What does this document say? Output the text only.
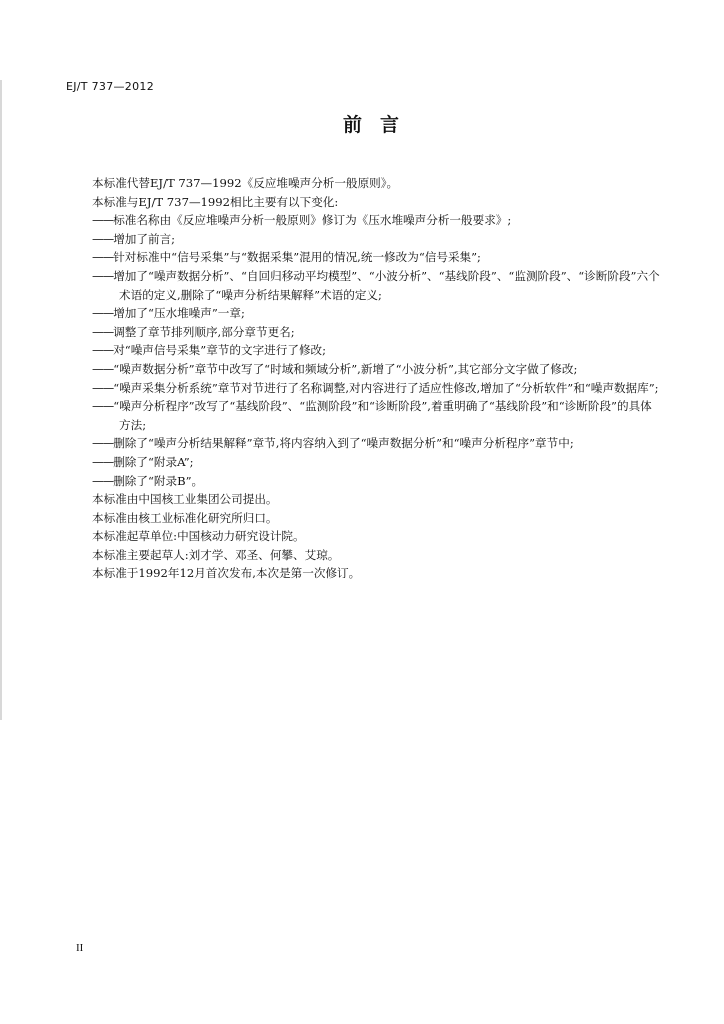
EJ/T 737—2012
前言
本标准代替EJ/T 737—1992《反应堆噪声分析一般原则》。
本标准与EJ/T 737—1992相比主要有以下变化:
——标准名称由《反应堆噪声分析一般原则》修订为《压水堆噪声分析一般要求》;
——增加了前言;
——针对标准中“信号采集”与“数据采集”混用的情况,统一修改为“信号采集”;
——增加了“噪声数据分析”、“自回归移动平均模型”、“小波分析”、“基线阶段”、“监测阶段”、“诊断阶段”六个术语的定义,删除了“噪声分析结果解释”术语的定义;
——增加了“压水堆噪声”一章;
——调整了章节排列顺序,部分章节更名;
——对“噪声信号采集”章节的文字进行了修改;
——“噪声数据分析”章节中改写了“时域和频域分析”,新增了“小波分析”,其它部分文字做了修改;
——“噪声采集分析系统”章节对节进行了名称调整,对内容进行了适应性修改,增加了“分析软件”和“噪声数据库”;
——“噪声分析程序”改写了“基线阶段”、“监测阶段”和“诊断阶段”,着重明确了“基线阶段”和“诊断阶段”的具体方法;
——删除了“噪声分析结果解释”章节,将内容纳入到了“噪声数据分析”和“噪声分析程序”章节中;
——删除了“附录A”;
——删除了“附录B”。
本标准由中国核工业集团公司提出。
本标准由核工业标准化研究所归口。
本标准起草单位:中国核动力研究设计院。
本标准主要起草人:刘才学、邓圣、何攀、艾琼。
本标准于1992年12月首次发布,本次是第一次修订。
II
